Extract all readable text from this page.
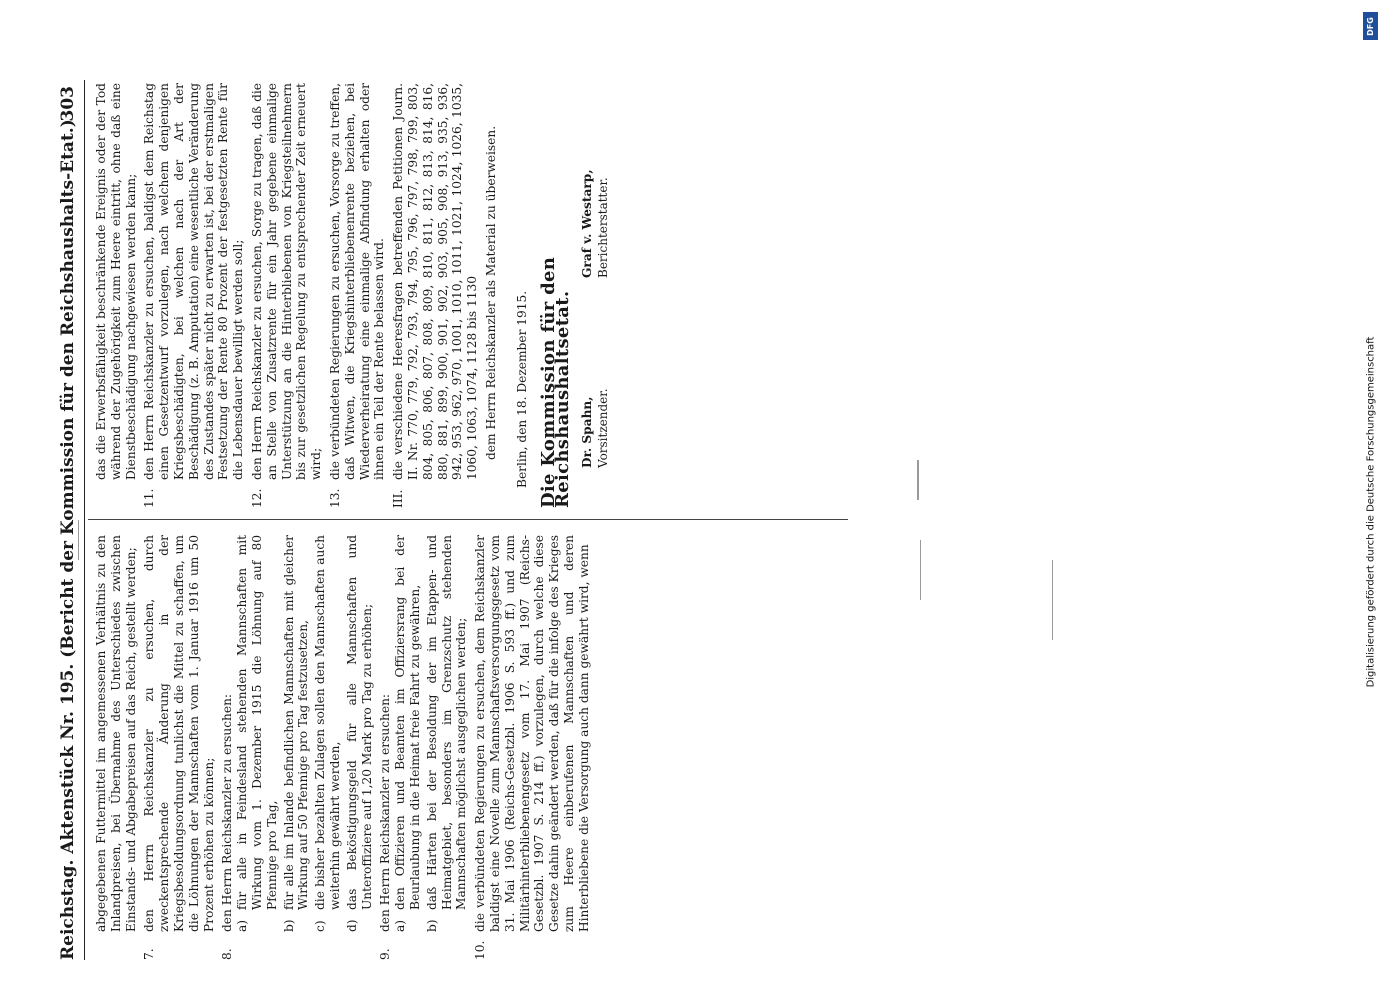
Reichstag. Aktenstück Nr. 195. (Bericht der Kommission für den Reichshaushalts-Etat.)
303
abgegebenen Futtermittel im angemessenen Verhältnis zu den Inlandpreisen, bei Übernahme des Unterschiedes zwischen Einstands- und Abgabepreisen auf das Reich, gestellt werden;
7.
den Herrn Reichskanzler zu ersuchen, durch zweckentsprechende Änderung in der Kriegsbesoldungsordnung tunlichst die Mittel zu schaffen, um die Löhnungen der Mannschaften vom 1. Januar 1916 um 50 Prozent erhöhen zu können;
8.
den Herrn Reichskanzler zu ersuchen: a)
für alle in Feindesland stehenden Mannschaften mit Wirkung vom 1. Dezember 1915 die Löhnung auf 80 Pfennige pro Tag,
b)
für alle im Inlande befindlichen Mannschaften mit gleicher Wirkung auf 50 Pfennige pro Tag festzusetzen,
c)
die bisher bezahlten Zulagen sollen den Mannschaften auch weiterhin gewährt werden,
d)
das Beköstigungsgeld für alle Mannschaften und Unteroffiziere auf 1,20 Mark pro Tag zu erhöhen;
9.
den Herrn Reichskanzler zu ersuchen: a)
den Offizieren und Beamten im Offiziersrang bei der Beurlaubung in die Heimat freie Fahrt zu gewähren,
b)
daß Härten bei der Besoldung der im Etappen- und Heimatgebiet, besonders im Grenzschutz stehenden Mannschaften möglichst ausgeglichen werden;
10.
die verbündeten Regierungen zu ersuchen, dem Reichskanzler baldigst eine Novelle zum Mannschaftsversorgungsgesetz vom 31. Mai 1906 (Reichs-Gesetzbl. 1906 S. 593 ff.) und zum Militärhinterbliebenengesetz vom 17. Mai 1907 (Reichs-Gesetzbl. 1907 S. 214 ff.) vorzulegen, durch welche diese Gesetze dahin geändert werden, daß für die infolge des Krieges zum Heere einberufenen Mannschaften und deren Hinterbliebene die Versorgung auch dann gewährt wird, wenn
das die Erwerbsfähigkeit beschränkende Ereignis oder der Tod während der Zugehörigkeit zum Heere eintritt, ohne daß eine Dienstbeschädigung nachgewiesen werden kann;
11.
den Herrn Reichskanzler zu ersuchen, baldigst dem Reichstag einen Gesetzentwurf vorzulegen, nach welchem denjenigen Kriegsbeschädigten, bei welchen nach der Art der Beschädigung (z. B. Amputation) eine wesentliche Veränderung des Zustandes später nicht zu erwarten ist, bei der erstmaligen Festsetzung der Rente 80 Prozent der festgesetzten Rente für die Lebensdauer bewilligt werden soll;
12.
den Herrn Reichskanzler zu ersuchen, Sorge zu tragen, daß die an Stelle von Zusatzrente für ein Jahr gegebene einmalige Unterstützung an die Hinterbliebenen von Kriegsteilnehmern bis zur gesetzlichen Regelung zu entsprechender Zeit erneuert wird;
13.
die verbündeten Regierungen zu ersuchen, Vorsorge zu treffen, daß Witwen, die Kriegshinterbliebenenrente beziehen, bei Wiederverheiratung eine einmalige Abfindung erhalten oder ihnen ein Teil der Rente belassen wird.
III.
die verschiedene Heeresfragen betreffenden Petitionen Journ. II. Nr. 770, 779, 792, 793, 794, 795, 796, 797, 798, 799, 803, 804, 805, 806, 807, 808, 809, 810, 811, 812, 813, 814, 816, 880, 881, 899, 900, 901, 902, 903, 905, 908, 913, 935, 936, 942, 953, 962, 970, 1001, 1010, 1011, 1021, 1024, 1026, 1035, 1060, 1063, 1074, 1128 bis 1130 dem Herrn Reichskanzler als Material zu überweisen. Berlin, den 18. Dezember 1915. Die Kommission für den Reichshaushaltsetat. Dr. Spahn, Vorsitzender.
Graf v. Westarp, Berichterstatter.
DFG
Digitalisierung gefördert durch die Deutsche Forschungsgemeinschaft
